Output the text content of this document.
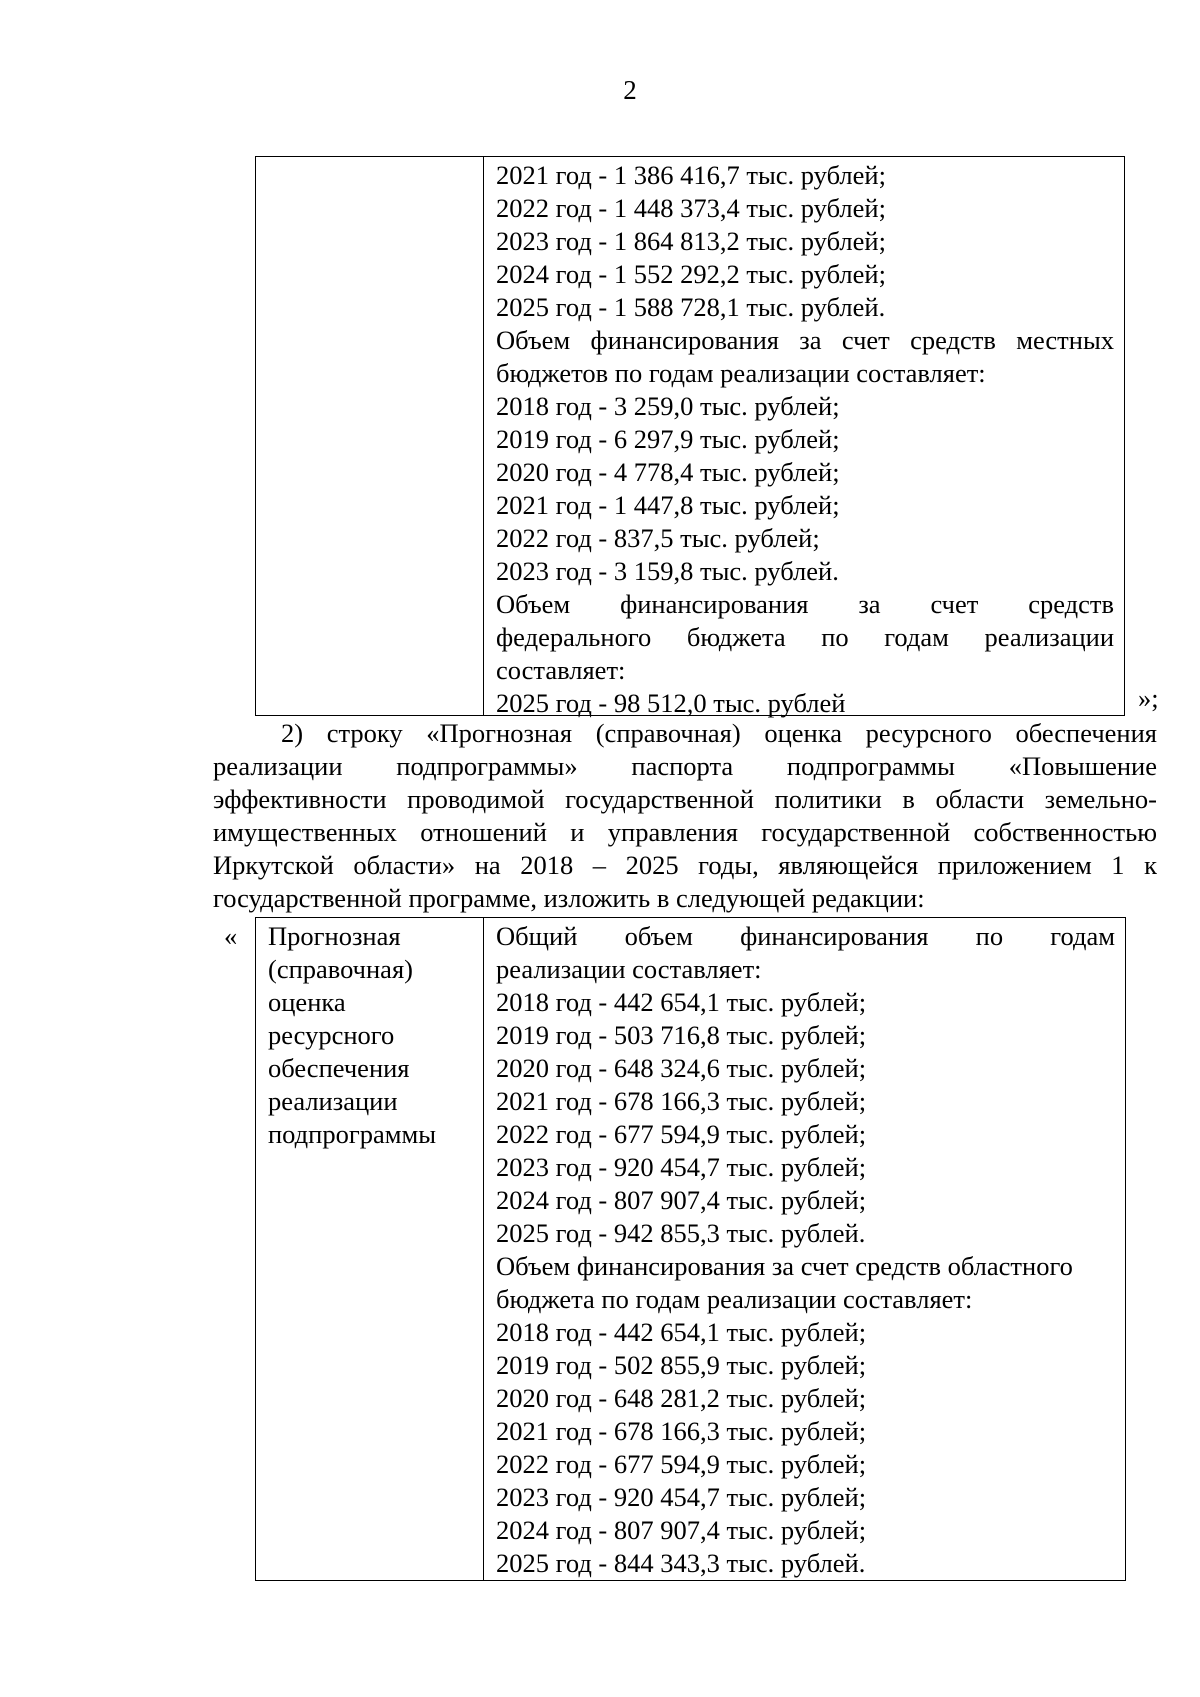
2
2021 год - 1 386 416,7 тыс. рублей;
2022 год - 1 448 373,4 тыс. рублей;
2023 год - 1 864 813,2 тыс. рублей;
2024 год - 1 552 292,2 тыс. рублей;
2025 год - 1 588 728,1 тыс. рублей.
Объем финансирования за счет средств местных
бюджетов по годам реализации составляет:
2018 год - 3 259,0 тыс. рублей;
2019 год - 6 297,9 тыс. рублей;
2020 год - 4 778,4 тыс. рублей;
2021 год - 1 447,8 тыс. рублей;
2022 год - 837,5 тыс. рублей;
2023 год - 3 159,8 тыс. рублей.
Объем финансирования за счет средств
федерального бюджета по годам реализации
составляет:
2025 год - 98 512,0 тыс. рублей	»;
2) строку «Прогнозная (справочная) оценка ресурсного обеспечения
реализации подпрограммы» паспорта подпрограммы «Повышение
эффективности проводимой государственной политики в области земельно-
имущественных отношений и управления государственной собственностью
Иркутской области» на 2018 – 2025 годы, являющейся приложением 1 к
государственной программе, изложить в следующей редакции:
« Прогнозная
(справочная)
оценка
ресурсного
обеспечения
реализации
подпрограммы
Общий объем финансирования по годам
реализации составляет:
2018 год - 442 654,1 тыс. рублей;
2019 год - 503 716,8 тыс. рублей;
2020 год - 648 324,6 тыс. рублей;
2021 год - 678 166,3 тыс. рублей;
2022 год - 677 594,9 тыс. рублей;
2023 год - 920 454,7 тыс. рублей;
2024 год - 807 907,4 тыс. рублей;
2025 год - 942 855,3 тыс. рублей.
Объем финансирования за счет средств областного
бюджета по годам реализации составляет:
2018 год - 442 654,1 тыс. рублей;
2019 год - 502 855,9 тыс. рублей;
2020 год - 648 281,2 тыс. рублей;
2021 год - 678 166,3 тыс. рублей;
2022 год - 677 594,9 тыс. рублей;
2023 год - 920 454,7 тыс. рублей;
2024 год - 807 907,4 тыс. рублей;
2025 год - 844 343,3 тыс. рублей.
